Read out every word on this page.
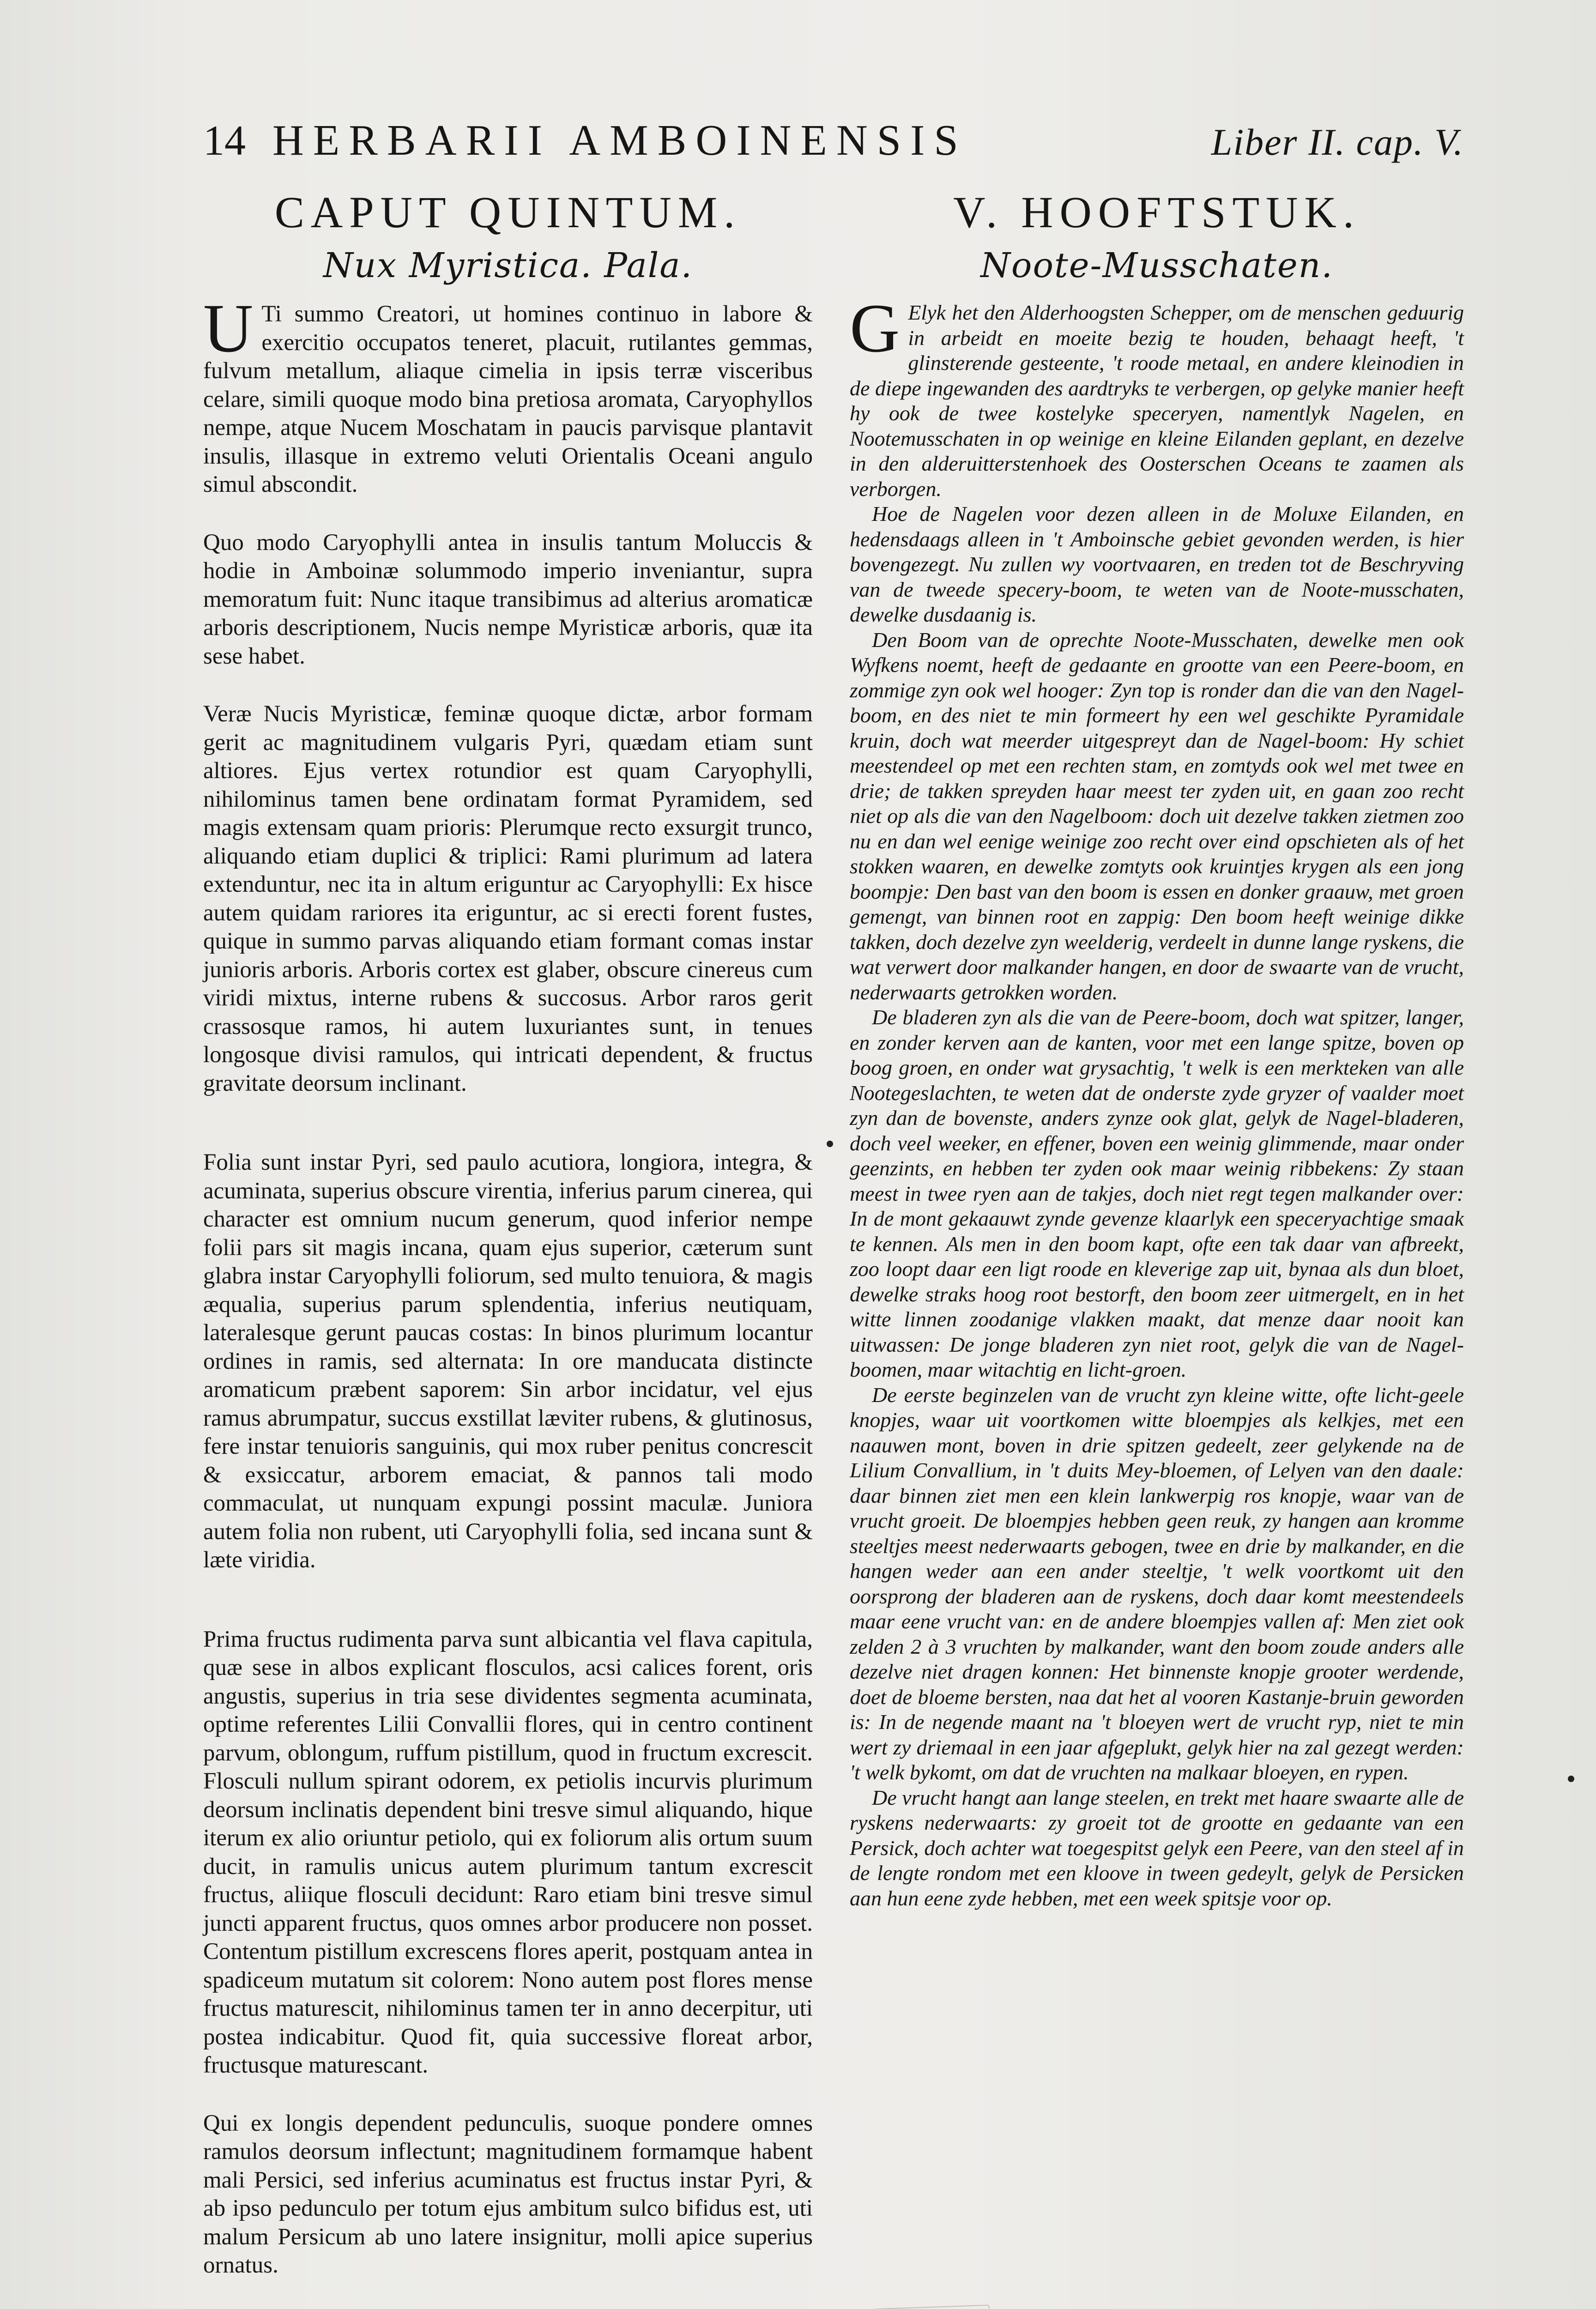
14 HERBARII AMBOINENSIS	Liber II. cap. V.
CAPUT QUINTUM.
Nux Myristica. Pala.

U Ti summo Creatori, ut homines continuo in labore & exercitio occupatos teneret, placuit, rutilantes gemmas, fulvum metallum, aliaque cimelia in ipsis terræ visceribus celare, simili quoque modo bina pretiosa aromata, Caryophyllos nempe, atque Nucem Moschatam in paucis parvisque plantavit insulis, illasque in extremo veluti Orientalis Oceani angulo simul abscondit.

Quo modo Caryophylli antea in insulis tantum Moluccis & hodie in Amboinæ solummodo imperio inveniantur, supra memoratum fuit: Nunc itaque transibimus ad alterius aromaticæ arboris descriptionem, Nucis nempe Myristicæ arboris, quæ ita sese habet.

Veræ Nucis Myristicæ, feminæ quoque dictæ, arbor formam gerit ac magnitudinem vulgaris Pyri, quædam etiam sunt altiores. Ejus vertex rotundior est quam Caryophylli, nihilominus tamen bene ordinatam format Pyramidem, sed magis extensam quam prioris: Plerumque recto exsurgit trunco, aliquando etiam duplici & triplici: Rami plurimum ad latera extenduntur, nec ita in altum eriguntur ac Caryophylli: Ex hisce autem quidam rariores ita eriguntur, ac si erecti forent fustes, quique in summo parvas aliquando etiam formant comas instar junioris arboris. Arboris cortex est glaber, obscure cinereus cum viridi mixtus, interne rubens & succosus. Arbor raros gerit crassosque ramos, hi autem luxuriantes sunt, in tenues longosque divisi ramulos, qui intricati dependent, & fructus gravitate deorsum inclinant.

Folia sunt instar Pyri, sed paulo acutiora, longiora, integra, & acuminata, superius obscure virentia, inferius parum cinerea, qui character est omnium nucum generum, quod inferior nempe folii pars sit magis incana, quam ejus superior, cæterum sunt glabra instar Caryophylli foliorum, sed multo tenuiora, & magis æqualia, superius parum splendentia, inferius neutiquam, lateralesque gerunt paucas costas: In binos plurimum locantur ordines in ramis, sed alternata: In ore manducata distincte aromaticum præbent saporem: Sin arbor incidatur, vel ejus ramus abrumpatur, succus exstillat læviter rubens, & glutinosus, fere instar tenuioris sanguinis, qui mox ruber penitus concrescit & exsiccatur, arborem emaciat, & pannos tali modo commaculat, ut nunquam expungi possint maculæ. Juniora autem folia non rubent, uti Caryophylli folia, sed incana sunt & læte viridia.

Prima fructus rudimenta parva sunt albicantia vel flava capitula, quæ sese in albos explicant flosculos, acsi calices forent, oris angustis, superius in tria sese dividentes segmenta acuminata, optime referentes Lilii Convallii flores, qui in centro continent parvum, oblongum, ruffum pistillum, quod in fructum excrescit. Flosculi nullum spirant odorem, ex petiolis incurvis plurimum deorsum inclinatis dependent bini tresve simul aliquando, hique iterum ex alio oriuntur petiolo, qui ex foliorum alis ortum suum ducit, in ramulis unicus autem plurimum tantum excrescit fructus, aliique flosculi decidunt: Raro etiam bini tresve simul juncti apparent fructus, quos omnes arbor producere non posset. Contentum pistillum excrescens flores aperit, postquam antea in spadiceum mutatum sit colorem: Nono autem post flores mense fructus maturescit, nihilominus tamen ter in anno decerpitur, uti postea indicabitur. Quod fit, quia successive floreat arbor, fructusque maturescant.

Qui ex longis dependent pedunculis, suoque pondere omnes ramulos deorsum inflectunt; magnitudinem formamque habent mali Persici, sed inferius acuminatus est fructus instar Pyri, & ab ipso pedunculo per totum ejus ambitum sulco bifidus est, uti malum Persicum ab uno latere insignitur, molli apice superius ornatus.

V. HOOFTSTUK.
Noote-Musschaten.

G Elyk het den Alderhoogsten Schepper, om de menschen geduurig in arbeidt en moeite bezig te houden, behaagt heeft, 't glinsterende gesteente, 't roode metaal, en andere kleinodien in de diepe ingewanden des aardtryks te verbergen, op gelyke manier heeft hy ook de twee kostelyke speceryen, namentlyk Nagelen, en Nootemusschaten in op weinige en kleine Eilanden geplant, en dezelve in den alderuitterstenhoek des Oosterschen Oceans te zaamen als verborgen.

Hoe de Nagelen voor dezen alleen in de Moluxe Eilanden, en hedensdaags alleen in 't Amboinsche gebiet gevonden werden, is hier bovengezegt. Nu zullen wy voortvaaren, en treden tot de Beschryving van de tweede specery-boom, te weten van de Noote-musschaten, dewelke dusdaanig is.

Den Boom van de oprechte Noote-Musschaten, dewelke men ook Wyfkens noemt, heeft de gedaante en grootte van een Peere-boom, en zommige zyn ook wel hooger: Zyn top is ronder dan die van den Nagel-boom, en des niet te min formeert hy een wel geschikte Pyramidale kruin, doch wat meerder uitgespreyt dan de Nagel-boom: Hy schiet meestendeel op met een rechten stam, en zomtyds ook wel met twee en drie; de takken spreyden haar meest ter zyden uit, en gaan zoo recht niet op als die van den Nagelboom: doch uit dezelve takken zietmen zoo nu en dan wel eenige weinige zoo recht over eind opschieten als of het stokken waaren, en dewelke zomtyts ook kruintjes krygen als een jong boompje: Den bast van den boom is essen en donker graauw, met groen gemengt, van binnen root en zappig: Den boom heeft weinige dikke takken, doch dezelve zyn weelderig, verdeelt in dunne lange ryskens, die wat verwert door malkander hangen, en door de swaarte van de vrucht, nederwaarts getrokken worden.

De bladeren zyn als die van de Peere-boom, doch wat spitzer, langer, en zonder kerven aan de kanten, voor met een lange spitze, boven op boog groen, en onder wat grysachtig, 't welk is een merkteken van alle Nootegeslachten, te weten dat de onderste zyde gryzer of vaalder moet zyn dan de bovenste, anders zynze ook glat, gelyk de Nagel-bladeren, doch veel weeker, en effener, boven een weinig glimmende, maar onder geenzints, en hebben ter zyden ook maar weinig ribbekens: Zy staan meest in twee ryen aan de takjes, doch niet regt tegen malkander over: In de mont gekaauwt zynde gevenze klaarlyk een speceryachtige smaak te kennen. Als men in den boom kapt, ofte een tak daar van afbreekt, zoo loopt daar een ligt roode en kleverige zap uit, bynaa als dun bloet, dewelke straks hoog root bestorft, den boom zeer uitmergelt, en in het witte linnen zoodanige vlakken maakt, dat menze daar nooit kan uitwassen: De jonge bladeren zyn niet root, gelyk die van de Nagel-boomen, maar witachtig en licht-groen.

De eerste beginzelen van de vrucht zyn kleine witte, ofte licht-geele knopjes, waar uit voortkomen witte bloempjes als kelkjes, met een naauwen mont, boven in drie spitzen gedeelt, zeer gelykende na de Lilium Convallium, in 't duits Mey-bloemen, of Lelyen van den daale: daar binnen ziet men een klein lankwerpig ros knopje, waar van de vrucht groeit. De bloempjes hebben geen reuk, zy hangen aan kromme steeltjes meest nederwaarts gebogen, twee en drie by malkander, en die hangen weder aan een ander steeltje, 't welk voortkomt uit den oorsprong der bladeren aan de ryskens, doch daar komt meestendeels maar eene vrucht van: en de andere bloempjes vallen af: Men ziet ook zelden 2 à 3 vruchten by malkander, want den boom zoude anders alle dezelve niet dragen konnen: Het binnenste knopje grooter werdende, doet de bloeme bersten, naa dat het al vooren Kastanje-bruin geworden is: In de negende maant na 't bloeyen wert de vrucht ryp, niet te min wert zy driemaal in een jaar afgeplukt, gelyk hier na zal gezegt werden: 't welk bykomt, om dat de vruchten na malkaar bloeyen, en rypen.

De vrucht hangt aan lange steelen, en trekt met haare swaarte alle de ryskens nederwaarts: zy groeit tot de grootte en gedaante van een Persick, doch achter wat toegespitst gelyk een Peere, van den steel af in de lengte rondom met een kloove in tween gedeylt, gelyk de Persicken aan hun eene zyde hebben, met een week spitsje voor op.
